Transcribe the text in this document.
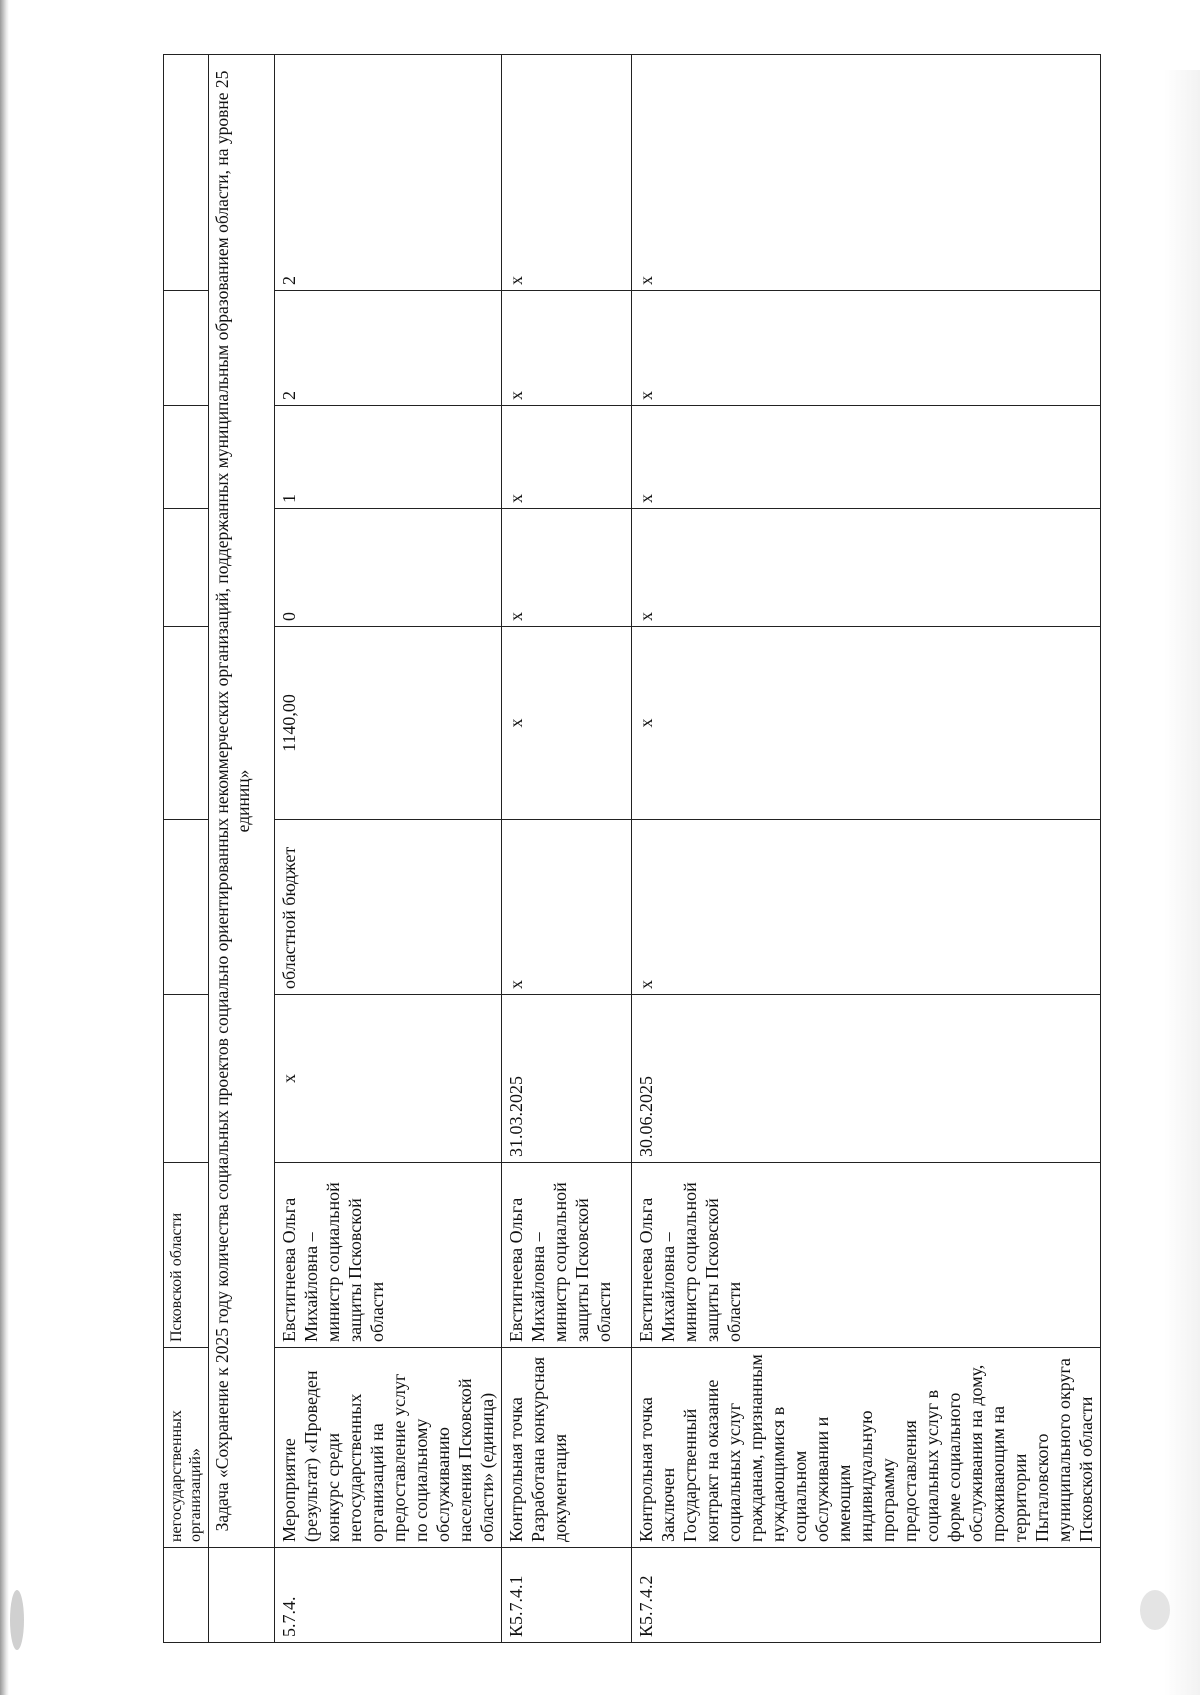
	негосударственных организаций»	Псковской области							
	Задача «Сохранение к 2025 году количества социальных проектов социально ориентированных некоммерческих организаций, поддержанных муниципальным образованием области, на уровне 25 единиц»								
5.7.4.	Мероприятие (результат) «Проведен конкурс среди негосударственных организаций на предоставление услуг по социальному обслуживанию населения Псковской области» (единица)	Евстигнеева Ольга Михайловна – министр социальной защиты Псковской области	х	областной бюджет	1140,00	0	1	2	2
К5.7.4.1	Контрольная точка Разработана конкурсная документация	Евстигнеева Ольга Михайловна – министр социальной защиты Псковской области	31.03.2025	х	х	х	х	х	х
К5.7.4.2	Контрольная точка Заключен Государственный контракт на оказание социальных услуг гражданам, признанным нуждающимися в социальном обслуживании и имеющим индивидуальную программу предоставления социальных услуг в форме социального обслуживания на дому, проживающим на территории Пыталовского муниципального округа Псковской области	Евстигнеева Ольга Михайловна – министр социальной защиты Псковской области	30.06.2025	х	х	х	х	х	х
